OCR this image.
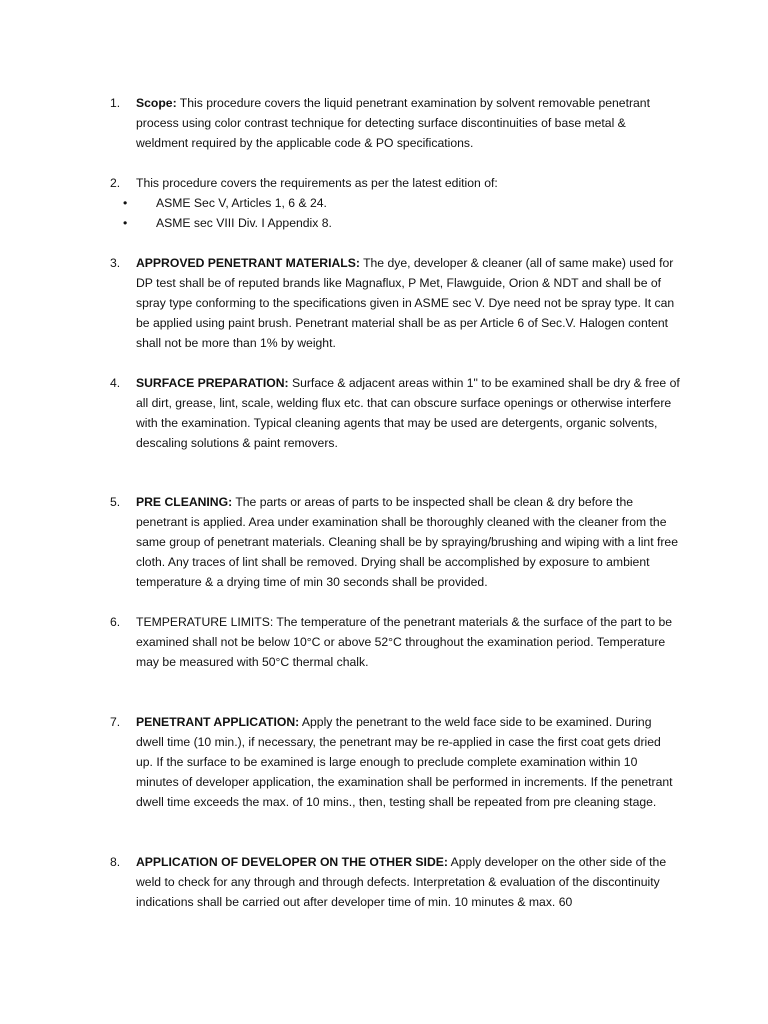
1.	Scope: This procedure covers the liquid penetrant examination by solvent removable penetrant process using color contrast technique for detecting surface discontinuities of base metal & weldment required by the applicable code & PO specifications.
2.	This procedure covers the requirements as per the latest edition of:
• ASME Sec V, Articles 1, 6 & 24.
• ASME sec VIII Div. I Appendix 8.
3.	APPROVED PENETRANT MATERIALS: The dye, developer & cleaner (all of same make) used for DP test shall be of reputed brands like Magnaflux, P Met, Flawguide, Orion & NDT and shall be of spray type conforming to the specifications given in ASME sec V. Dye need not be spray type. It can be applied using paint brush. Penetrant material shall be as per Article 6 of Sec.V. Halogen content shall not be more than 1% by weight.
4.	SURFACE PREPARATION: Surface & adjacent areas within 1" to be examined shall be dry & free of all dirt, grease, lint, scale, welding flux etc. that can obscure surface openings or otherwise interfere with the examination. Typical cleaning agents that may be used are detergents, organic solvents, descaling solutions & paint removers.
5.	PRE CLEANING: The parts or areas of parts to be inspected shall be clean & dry before the penetrant is applied. Area under examination shall be thoroughly cleaned with the cleaner from the same group of penetrant materials. Cleaning shall be by spraying/brushing and wiping with a lint free cloth. Any traces of lint shall be removed. Drying shall be accomplished by exposure to ambient temperature & a drying time of min 30 seconds shall be provided.
6.	TEMPERATURE LIMITS: The temperature of the penetrant materials & the surface of the part to be examined shall not be below 10°C or above 52°C throughout the examination period. Temperature may be measured with 50°C thermal chalk.
7.	PENETRANT APPLICATION: Apply the penetrant to the weld face side to be examined. During dwell time (10 min.), if necessary, the penetrant may be re-applied in case the first coat gets dried up. If the surface to be examined is large enough to preclude complete examination within 10 minutes of developer application, the examination shall be performed in increments. If the penetrant dwell time exceeds the max. of 10 mins., then, testing shall be repeated from pre cleaning stage.
8.	APPLICATION OF DEVELOPER ON THE OTHER SIDE: Apply developer on the other side of the weld to check for any through and through defects. Interpretation & evaluation of the discontinuity indications shall be carried out after developer time of min. 10 minutes & max. 60
